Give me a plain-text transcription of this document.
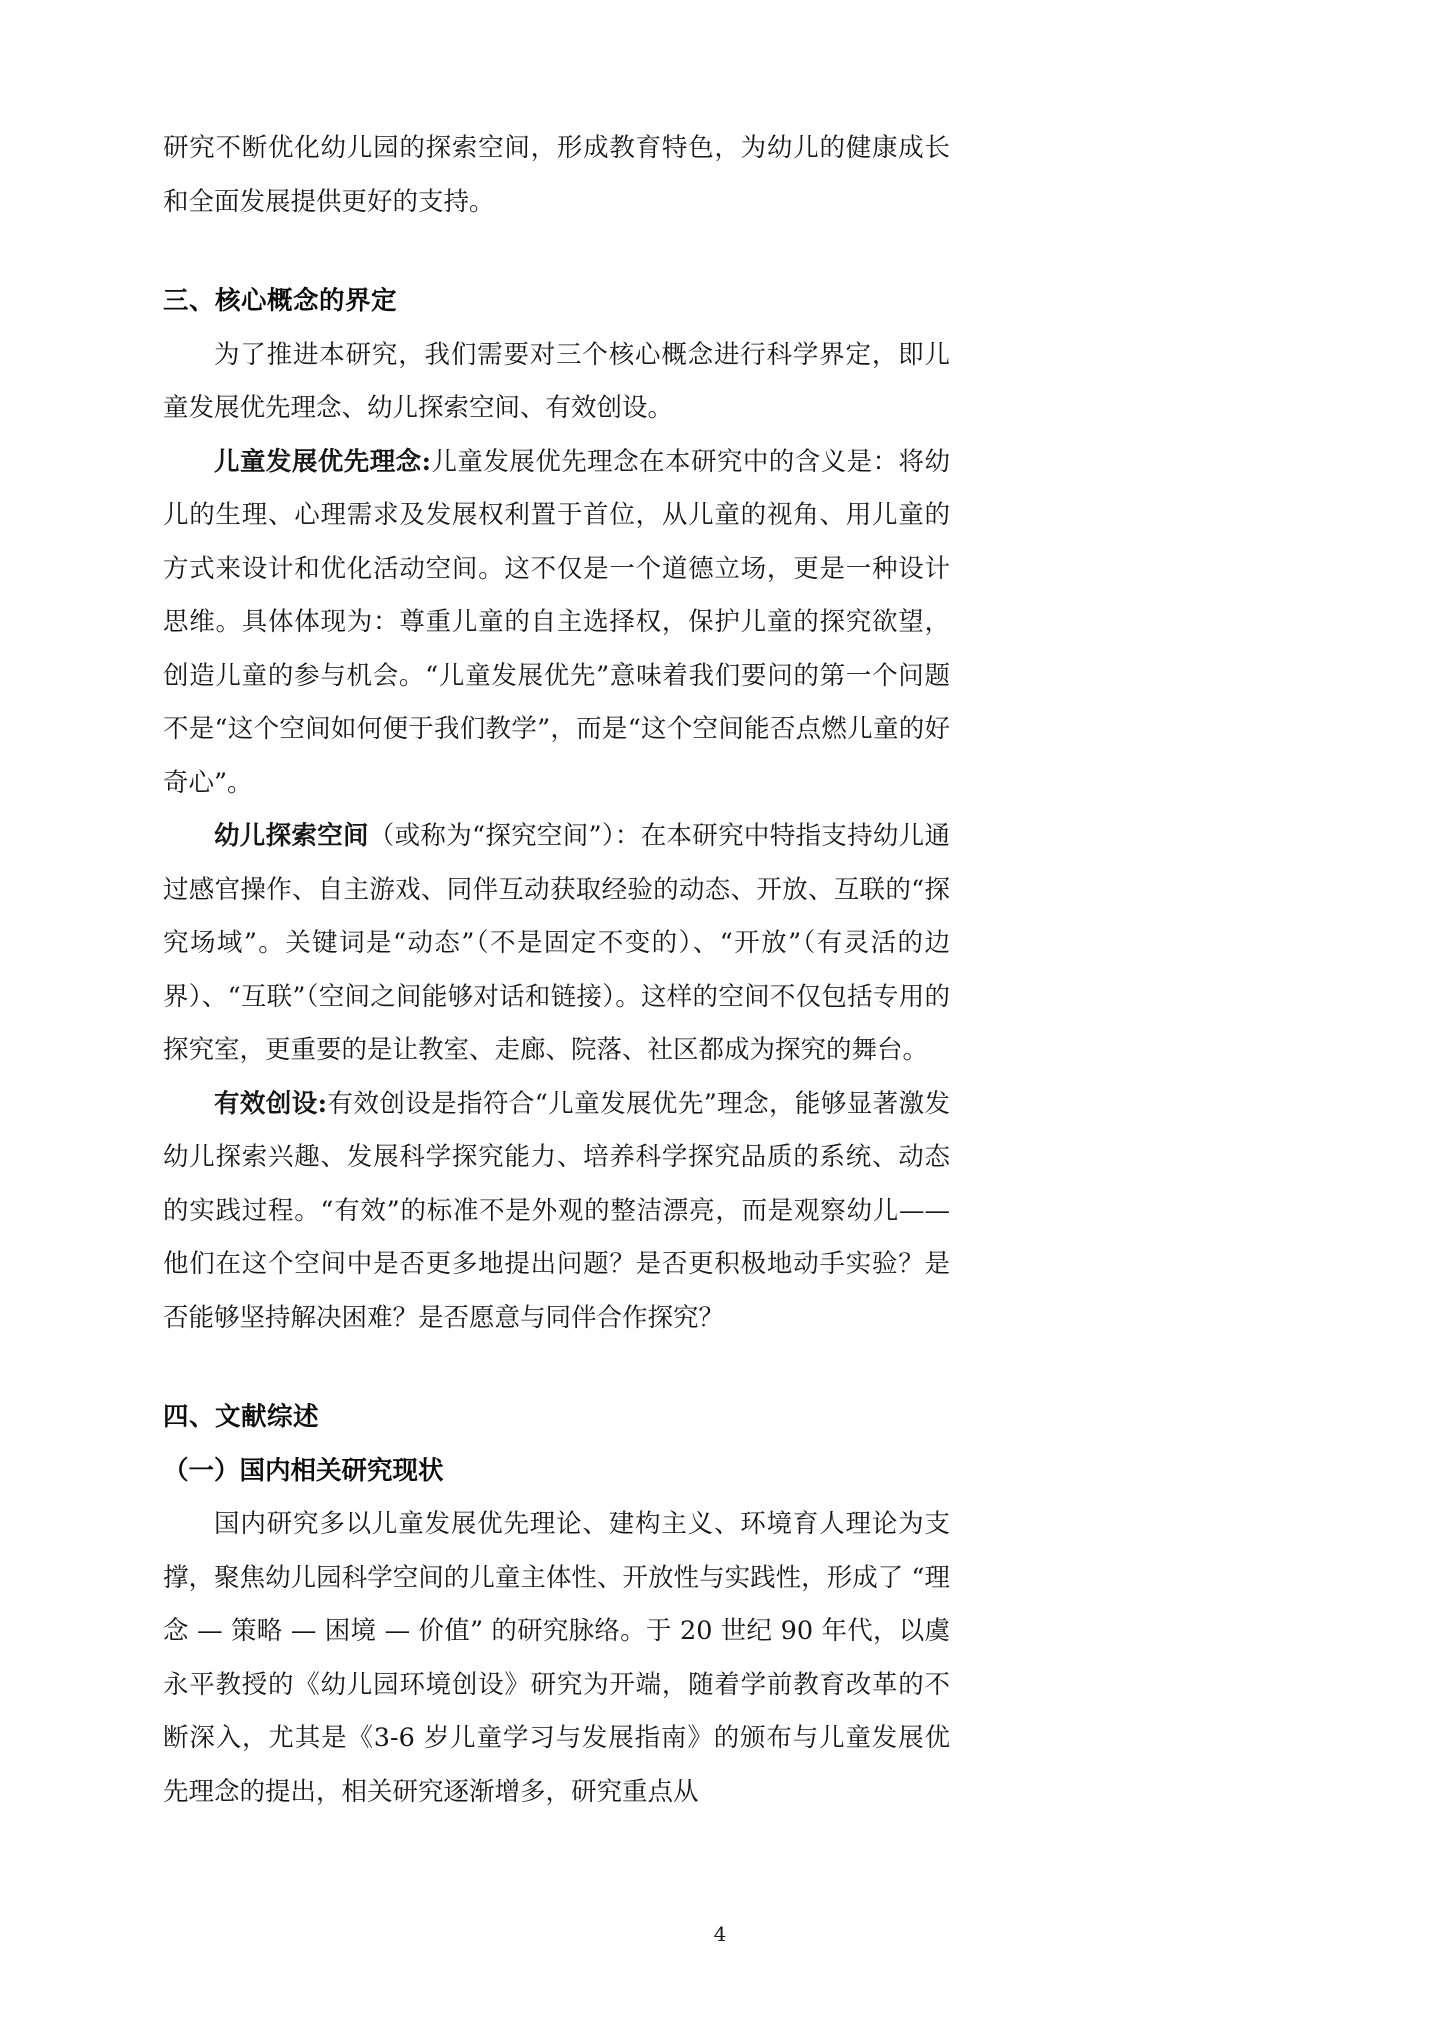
研究不断优化幼儿园的探索空间，形成教育特色，为幼儿的健康成长和全面发展提供更好的支持。

三、核心概念的界定

为了推进本研究，我们需要对三个核心概念进行科学界定，即儿童发展优先理念、幼儿探索空间、有效创设。

儿童发展优先理念:儿童发展优先理念在本研究中的含义是：将幼儿的生理、心理需求及发展权利置于首位，从儿童的视角、用儿童的方式来设计和优化活动空间。这不仅是一个道德立场，更是一种设计思维。具体体现为：尊重儿童的自主选择权，保护儿童的探究欲望，创造儿童的参与机会。“儿童发展优先”意味着我们要问的第一个问题不是“这个空间如何便于我们教学”，而是“这个空间能否点燃儿童的好奇心”。

幼儿探索空间（或称为“探究空间”）：在本研究中特指支持幼儿通过感官操作、自主游戏、同伴互动获取经验的动态、开放、互联的“探究场域”。关键词是“动态”（不是固定不变的）、“开放”（有灵活的边界）、“互联”（空间之间能够对话和链接）。这样的空间不仅包括专用的探究室，更重要的是让教室、走廊、院落、社区都成为探究的舞台。

有效创设:有效创设是指符合“儿童发展优先”理念，能够显著激发幼儿探索兴趣、发展科学探究能力、培养科学探究品质的系统、动态的实践过程。“有效”的标准不是外观的整洁漂亮，而是观察幼儿——他们在这个空间中是否更多地提出问题？是否更积极地动手实验？是否能够坚持解决困难？是否愿意与同伴合作探究？

四、文献综述
（一）国内相关研究现状

国内研究多以儿童发展优先理论、建构主义、环境育人理论为支撑，聚焦幼儿园科学空间的儿童主体性、开放性与实践性，形成了 “理念 — 策略 — 困境 — 价值” 的研究脉络。于 20 世纪 90 年代，以虞永平教授的《幼儿园环境创设》研究为开端，随着学前教育改革的不断深入，尤其是《3-6 岁儿童学习与发展指南》的颁布与儿童发展优先理念的提出，相关研究逐渐增多，研究重点从

4
